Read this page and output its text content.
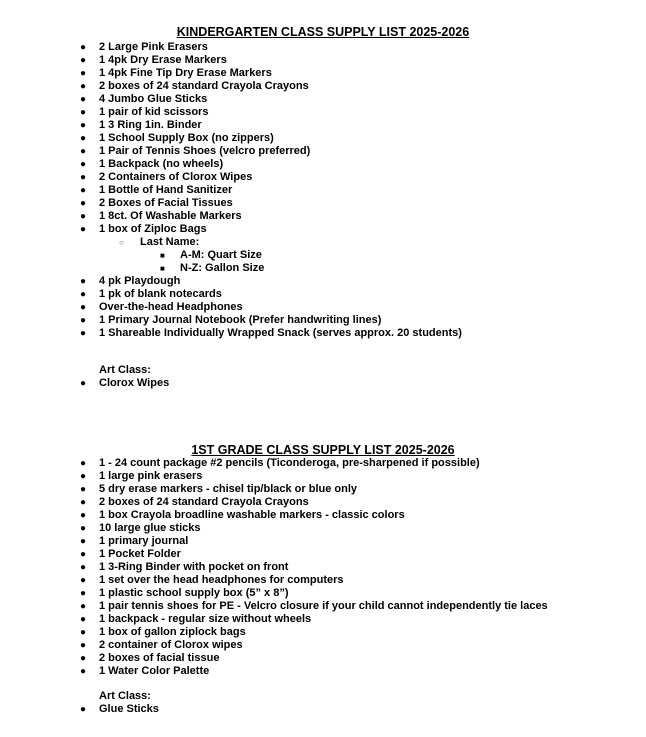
KINDERGARTEN CLASS SUPPLY LIST 2025-2026
●	2 Large Pink Erasers
●	1 4pk Dry Erase Markers
●	1 4pk Fine Tip Dry Erase Markers
●	2 boxes of 24 standard Crayola Crayons
●	4 Jumbo Glue Sticks
●	1 pair of kid scissors
●	1 3 Ring 1in. Binder
●	1 School Supply Box (no zippers)
●	1 Pair of Tennis Shoes (velcro preferred)
●	1 Backpack (no wheels)
●	2 Containers of Clorox Wipes
●	1 Bottle of Hand Sanitizer
●	2 Boxes of Facial Tissues
●	1 8ct. Of Washable Markers
●	1 box of Ziploc Bags
○ Last Name:
■ A-M: Quart Size
■ N-Z: Gallon Size
●	4 pk Playdough
●	1 pk of blank notecards
●	Over-the-head Headphones
●	1 Primary Journal Notebook (Prefer handwriting lines)
●	1 Shareable Individually Wrapped Snack (serves approx. 20 students)
Art Class:
●	Clorox Wipes
1ST GRADE CLASS SUPPLY LIST 2025-2026
●	1 - 24 count package #2 pencils (Ticonderoga, pre-sharpened if possible)
●	1 large pink erasers
●	5 dry erase markers - chisel tip/black or blue only
●	2 boxes of 24 standard Crayola Crayons
●	1 box Crayola broadline washable markers - classic colors
●	10 large glue sticks
●	1 primary journal
●	1 Pocket Folder
●	1 3-Ring Binder with pocket on front
●	1 set over the head headphones for computers
●	1 plastic school supply box (5” x 8”)
●	1 pair tennis shoes for PE - Velcro closure if your child cannot independently tie laces
●	1 backpack - regular size without wheels
●	1 box of gallon ziplock bags
●	2 container of Clorox wipes
●	2 boxes of facial tissue
●	1 Water Color Palette
Art Class:
●	Glue Sticks
